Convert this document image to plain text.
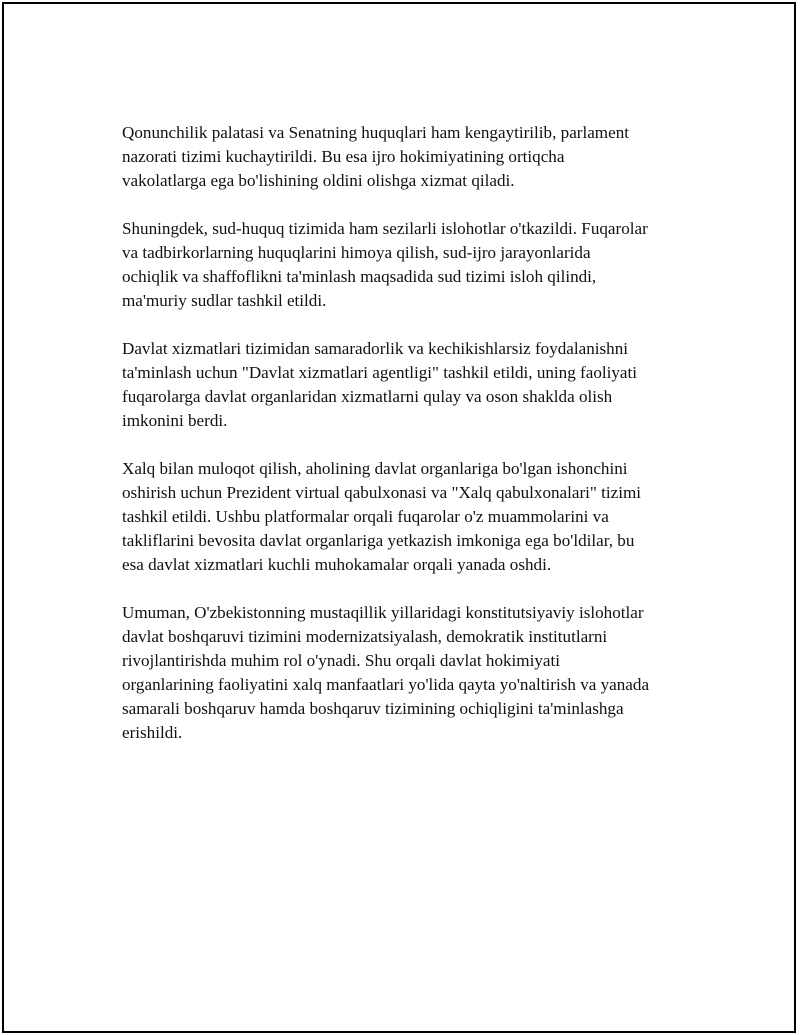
Qonunchilik palatasi va Senatning huquqlari ham kengaytirilib, parlament
nazorati tizimi kuchaytirildi. Bu esa ijro hokimiyatining ortiqcha
vakolatlarga ega bo'lishining oldini olishga xizmat qiladi.

Shuningdek, sud-huquq tizimida ham sezilarli islohotlar o'tkazildi. Fuqarolar
va tadbirkorlarning huquqlarini himoya qilish, sud-ijro jarayonlarida
ochiqlik va shaffoflikni ta'minlash maqsadida sud tizimi isloh qilindi,
ma'muriy sudlar tashkil etildi.

Davlat xizmatlari tizimidan samaradorlik va kechikishlarsiz foydalanishni
ta'minlash uchun "Davlat xizmatlari agentligi" tashkil etildi, uning faoliyati
fuqarolarga davlat organlaridan xizmatlarni qulay va oson shaklda olish
imkonini berdi.

Xalq bilan muloqot qilish, aholining davlat organlariga bo'lgan ishonchini
oshirish uchun Prezident virtual qabulxonasi va "Xalq qabulxonalari" tizimi
tashkil etildi. Ushbu platformalar orqali fuqarolar o'z muammolarini va
takliflarini bevosita davlat organlariga yetkazish imkoniga ega bo'ldilar, bu
esa davlat xizmatlari kuchli muhokamalar orqali yanada oshdi.

Umuman, O'zbekistonning mustaqillik yillaridagi konstitutsiyaviy islohotlar
davlat boshqaruvi tizimini modernizatsiyalash, demokratik institutlarni
rivojlantirishda muhim rol o'ynadi. Shu orqali davlat hokimiyati
organlarining faoliyatini xalq manfaatlari yo'lida qayta yo'naltirish va yanada
samarali boshqaruv hamda boshqaruv tizimining ochiqligini ta'minlashga
erishildi.
